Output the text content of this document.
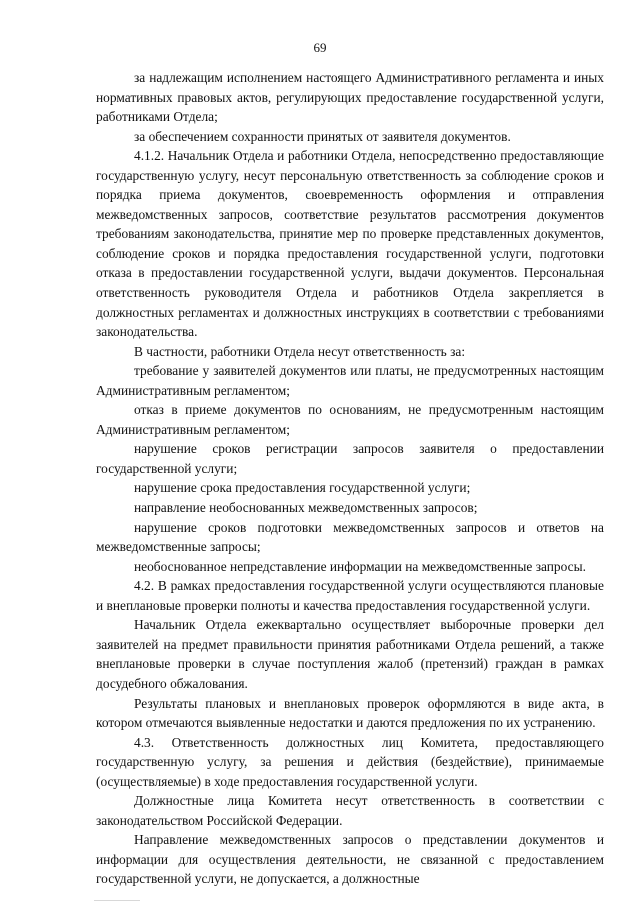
69

за надлежащим исполнением настоящего Административного регламента и иных нормативных правовых актов, регулирующих предоставление государственной услуги, работниками Отдела;

за обеспечением сохранности принятых от заявителя документов.

4.1.2. Начальник Отдела и работники Отдела, непосредственно предоставляющие государственную услугу, несут персональную ответственность за соблюдение сроков и порядка приема документов, своевременность оформления и отправления межведомственных запросов, соответствие результатов рассмотрения документов требованиям законодательства, принятие мер по проверке представленных документов, соблюдение сроков и порядка предоставления государственной услуги, подготовки отказа в предоставлении государственной услуги, выдачи документов. Персональная ответственность руководителя Отдела и работников Отдела закрепляется в должностных регламентах и должностных инструкциях в соответствии с требованиями законодательства.

В частности, работники Отдела несут ответственность за:

требование у заявителей документов или платы, не предусмотренных настоящим Административным регламентом;

отказ в приеме документов по основаниям, не предусмотренным настоящим Административным регламентом;

нарушение сроков регистрации запросов заявителя о предоставлении государственной услуги;

нарушение срока предоставления государственной услуги;

направление необоснованных межведомственных запросов;

нарушение сроков подготовки межведомственных запросов и ответов на межведомственные запросы;

необоснованное непредставление информации на межведомственные запросы.

4.2. В рамках предоставления государственной услуги осуществляются плановые и внеплановые проверки полноты и качества предоставления государственной услуги.

Начальник Отдела ежеквартально осуществляет выборочные проверки дел заявителей на предмет правильности принятия работниками Отдела решений, а также внеплановые проверки в случае поступления жалоб (претензий) граждан в рамках досудебного обжалования.

Результаты плановых и внеплановых проверок оформляются в виде акта, в котором отмечаются выявленные недостатки и даются предложения по их устранению.

4.3. Ответственность должностных лиц Комитета, предоставляющего государственную услугу, за решения и действия (бездействие), принимаемые (осуществляемые) в ходе предоставления государственной услуги.

Должностные лица Комитета несут ответственность в соответствии с законодательством Российской Федерации.

Направление межведомственных запросов о представлении документов и информации для осуществления деятельности, не связанной с предоставлением государственной услуги, не допускается, а должностные
